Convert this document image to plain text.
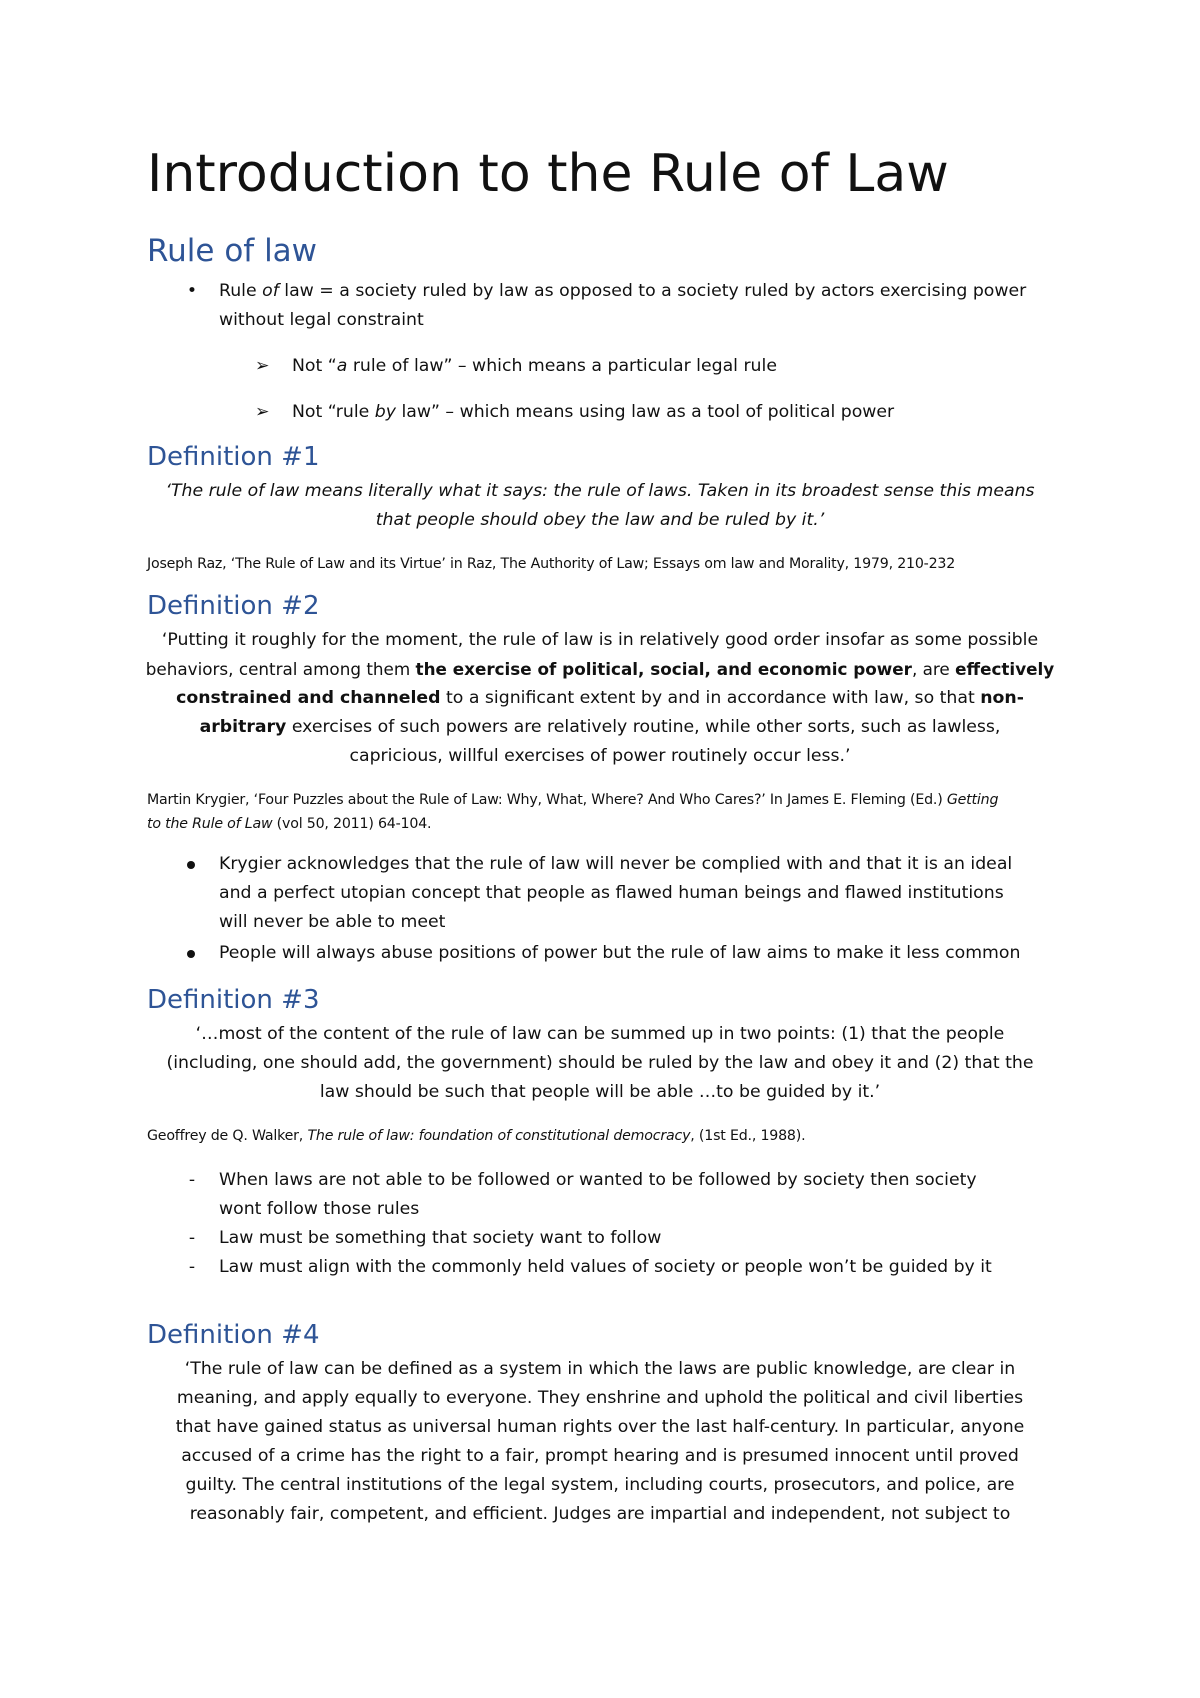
Introduction to the Rule of Law
Rule of law
• Rule of law = a society ruled by law as opposed to a society ruled by actors exercising power
without legal constraint
➢	Not “a rule of law” – which means a particular legal rule
➢	Not “rule by law” – which means using law as a tool of political power
Definition #1
‘The rule of law means literally what it says: the rule of laws. Taken in its broadest sense this means
that people should obey the law and be ruled by it.’
Joseph Raz, ‘The Rule of Law and its Virtue’ in Raz, The Authority of Law; Essays om law and Morality, 1979, 210-232
Definition #2
‘Putting it roughly for the moment, the rule of law is in relatively good order insofar as some possible
behaviors, central among them the exercise of political, social, and economic power, are effectively
constrained and channeled to a significant extent by and in accordance with law, so that non-
arbitrary exercises of such powers are relatively routine, while other sorts, such as lawless,
capricious, willful exercises of power routinely occur less.’
Martin Krygier, ‘Four Puzzles about the Rule of Law: Why, What, Where? And Who Cares?’ In James E. Fleming (Ed.) Getting
to the Rule of Law (vol 50, 2011) 64-104.
Krygier acknowledges that the rule of law will never be complied with and that it is an ideal
and a perfect utopian concept that people as flawed human beings and flawed institutions
will never be able to meet
People will always abuse positions of power but the rule of law aims to make it less common
Definition #3
‘…most of the content of the rule of law can be summed up in two points: (1) that the people
(including, one should add, the government) should be ruled by the law and obey it and (2) that the
law should be such that people will be able …to be guided by it.’
Geoffrey de Q. Walker, The rule of law: foundation of constitutional democracy, (1st Ed., 1988).
- When laws are not able to be followed or wanted to be followed by society then society
wont follow those rules
- Law must be something that society want to follow
- Law must align with the commonly held values of society or people won’t be guided by it
Definition #4
‘The rule of law can be defined as a system in which the laws are public knowledge, are clear in
meaning, and apply equally to everyone. They enshrine and uphold the political and civil liberties
that have gained status as universal human rights over the last half-century. In particular, anyone
accused of a crime has the right to a fair, prompt hearing and is presumed innocent until proved
guilty. The central institutions of the legal system, including courts, prosecutors, and police, are
reasonably fair, competent, and efficient. Judges are impartial and independent, not subject to
